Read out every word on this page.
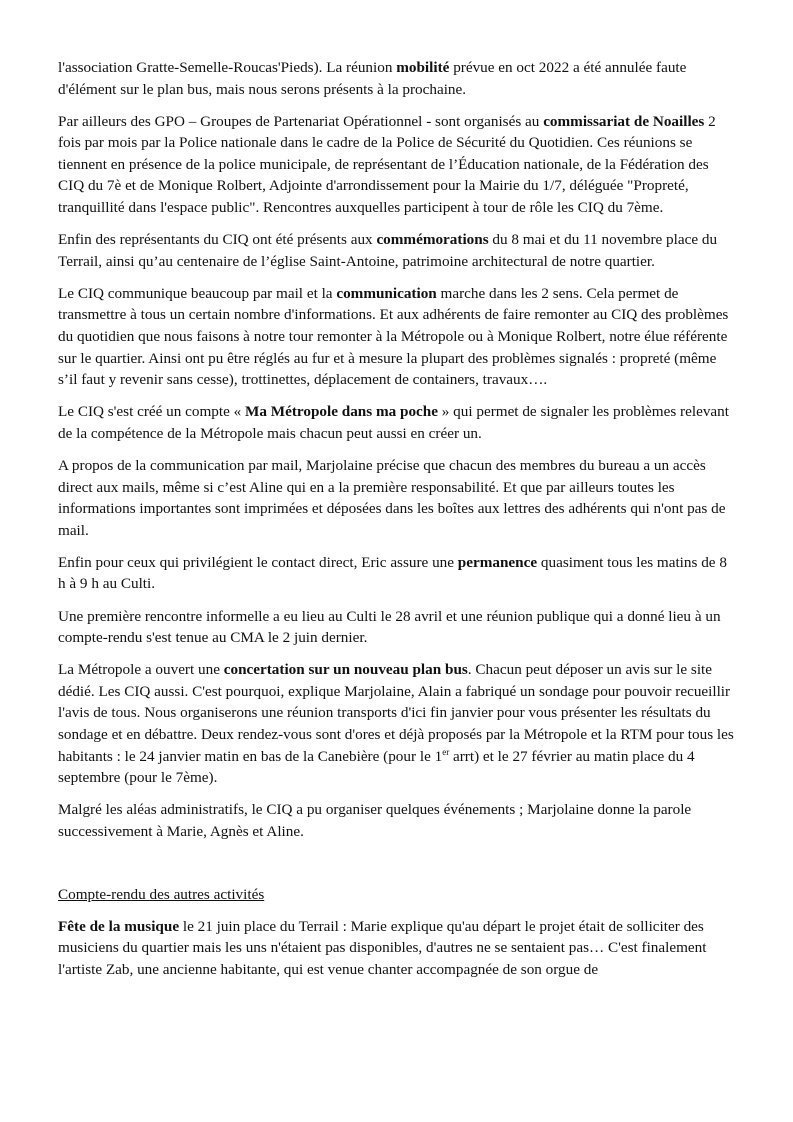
l'association Gratte-Semelle-Roucas'Pieds). La réunion mobilité prévue en oct 2022 a été annulée faute d'élément sur le plan bus, mais nous serons présents à la prochaine.

Par ailleurs des GPO – Groupes de Partenariat Opérationnel - sont organisés au commissariat de Noailles 2 fois par mois par la Police nationale dans le cadre de la Police de Sécurité du Quotidien. Ces réunions se tiennent en présence de la police municipale, de représentant de l’Éducation nationale, de la Fédération des CIQ du 7è et de Monique Rolbert, Adjointe d'arrondissement pour la Mairie du 1/7, déléguée "Propreté, tranquillité dans l'espace public". Rencontres auxquelles participent à tour de rôle les CIQ du 7ème.

Enfin des représentants du CIQ ont été présents aux commémorations du 8 mai et du 11 novembre place du Terrail, ainsi qu’au centenaire de l’église Saint-Antoine, patrimoine architectural de notre quartier.

Le CIQ communique beaucoup par mail et la communication marche dans les 2 sens. Cela permet de transmettre à tous un certain nombre d'informations. Et aux adhérents de faire remonter au CIQ des problèmes du quotidien que nous faisons à notre tour remonter à la Métropole ou à Monique Rolbert, notre élue référente sur le quartier. Ainsi ont pu être réglés au fur et à mesure la plupart des problèmes signalés : propreté (même s’il faut y revenir sans cesse), trottinettes, déplacement de containers, travaux….

Le CIQ s'est créé un compte « Ma Métropole dans ma poche » qui permet de signaler les problèmes relevant de la compétence de la Métropole mais chacun peut aussi en créer un.

A propos de la communication par mail, Marjolaine précise que chacun des membres du bureau a un accès direct aux mails, même si c’est Aline qui en a la première responsabilité. Et que par ailleurs toutes les informations importantes sont imprimées et déposées dans les boîtes aux lettres des adhérents qui n'ont pas de mail.

Enfin pour ceux qui privilégient le contact direct, Eric assure une permanence quasiment tous les matins de 8 h à 9 h au Culti.

Une première rencontre informelle a eu lieu au Culti le 28 avril et une réunion publique qui a donné lieu à un compte-rendu s'est tenue au CMA le 2 juin dernier.

La Métropole a ouvert une concertation sur un nouveau plan bus. Chacun peut déposer un avis sur le site dédié. Les CIQ aussi. C'est pourquoi, explique Marjolaine, Alain a fabriqué un sondage pour pouvoir recueillir l'avis de tous. Nous organiserons une réunion transports d'ici fin janvier pour vous présenter les résultats du sondage et en débattre. Deux rendez-vous sont d'ores et déjà proposés par la Métropole et la RTM pour tous les habitants : le 24 janvier matin en bas de la Canebière (pour le 1er arrt) et le 27 février au matin place du 4 septembre (pour le 7ème).

Malgré les aléas administratifs, le CIQ a pu organiser quelques événements ; Marjolaine donne la parole successivement à Marie, Agnès et Aline.

Compte-rendu des autres activités

Fête de la musique le 21 juin place du Terrail : Marie explique qu'au départ le projet était de solliciter des musiciens du quartier mais les uns n'étaient pas disponibles, d'autres ne se sentaient pas… C'est finalement l'artiste Zab, une ancienne habitante, qui est venue chanter accompagnée de son orgue de
